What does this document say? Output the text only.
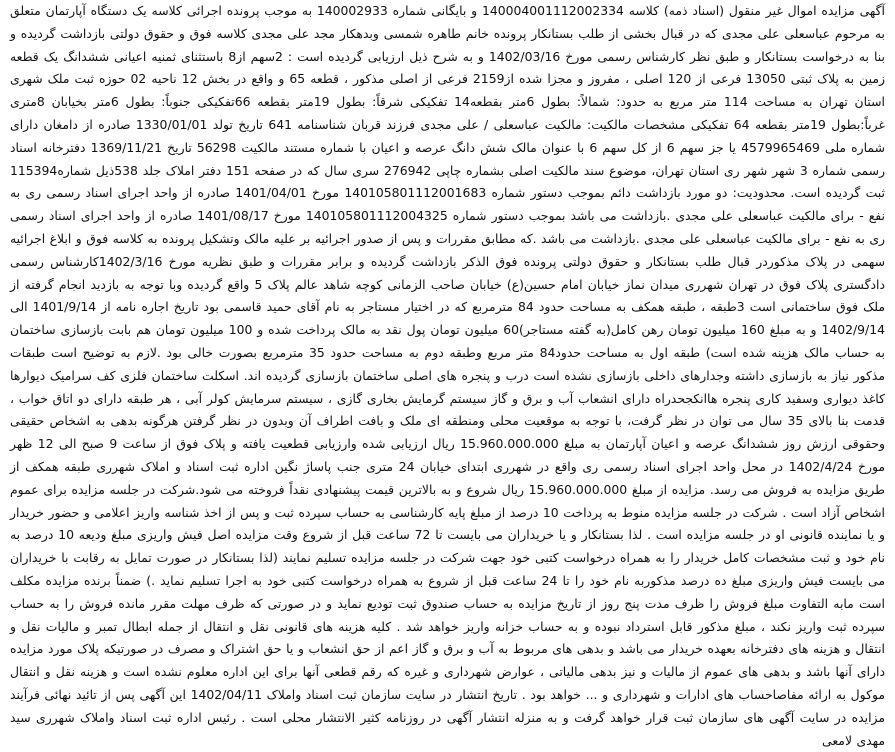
آگهی مزایده اموال غیر منقول (اسناد ذمه) کلاسه 140004001112002334 و بایگانی شماره 140002933 به موجب پرونده اجرائی کلاسه یک دستگاه آپارتمان متعلق به مرحوم عباسعلی علی مجدی که در قبال بخشی از طلب بستانکار پرونده خانم طاهره شمسی وبدهکار مجد علی مجدی کلاسه فوق و حقوق دولتی بازداشت گردیده و بنا به درخواست بستانکار و طبق نظر کارشناس رسمی مورخ 1402/03/16 و به شرح ذیل ارزیابی گردیده است : 2سهم از8 باستثنای ثمنیه اعیانی ششدانگ یک قطعه زمین به پلاک ثبتی 13050 فرعی از 120 اصلی ، مفروز و مجزا شده از2159 فرعی از اصلی مذکور ، قطعه 65 و واقع در بخش 12 ناحیه 02 حوزه ثبت ملک شهری استان تهران به مساحت 114 متر مربع به حدود: شمالاً: بطول 6متر بقطعه14 تفکیکی شرقاً: بطول 19متر بقطعه 66تفکیکی جنوباً: بطول 6متر بخیابان 8متری غرباً:بطول 19متر بقطعه 64 تفکیکی مشخصات مالکیت: مالکیت عباسعلی / علی مجدی فرزند قربان شناسنامه 641 تاریخ تولد 1330/01/01 صادره از دامغان دارای شماره ملی 4579965469 یا جز سهم 6 از کل سهم 6 با عنوان مالک شش دانگ عرصه و اعیان با شماره مستند مالکیت 56298 تاریخ 1369/11/21 دفترخانه اسناد رسمی شماره 3 شهر شهر ری استان تهران، موضوع سند مالکیت اصلی بشماره چاپی 276942 سری سال که در صفحه 151 دفتر املاک جلد 538ذیل شماره115394 ثبت گردیده است. محدودیت: دو مورد بازداشت دائم بموجب دستور شماره 140105801112001683 مورخ 1401/04/01 صادره از واحد اجرای اسناد رسمی ری به نفع - برای مالکیت عباسعلی علی مجدی .بازداشت می باشد بموجب دستور شماره 140105801112004325 مورخ 1401/08/17 صادره از واحد اجرای اسناد رسمی ری به نفع - برای مالکیت عباسعلی علی مجدی .بازداشت می باشد .که مطابق مقررات و پس از صدور اجرائیه بر علیه مالک وتشکیل پرونده به کلاسه فوق و ابلاغ اجرائیه سهمی در پلاک مذکوردر قبال طلب بستانکار و حقوق دولتی پرونده فوق الذکر بازداشت گردیده و برابر مقررات و طبق نظریه مورخ 1402/3/16کارشناس رسمی دادگستری پلاک فوق در تهران شهرری میدان نماز خیابان امام حسین(ع) خیابان صاحب الزمانی کوچه شاهد عالم پلاک 5 واقع گردیده وبا توجه به بازدید انجام گرفته از ملک فوق ساختمانی است 3طبقه ، طبقه همکف به مساحت حدود 84 مترمربع که در اختیار مستاجر به نام آقای حمید قاسمی بود تاریخ اجاره نامه از 1401/9/14 الی 1402/9/14 و به مبلغ 160 میلیون تومان رهن کامل(به گفته مستاجر)60 میلیون تومان پول نقد به مالک پرداخت شده و 100 میلیون تومان هم بابت بازسازی ساختمان به حساب مالک هزینه شده است) طبقه اول به مساحت حدود84 متر مربع وطبقه دوم به مساحت حدود 35 مترمربع بصورت خالی بود .لازم به توضیح است طبقات مذکور نیاز به بازسازی داشته وجدارهای داخلی بازسازی نشده است درب و پنجره های اصلی ساختمان بازسازی گردیده اند. اسکلت ساختمان فلزی کف سرامیک دیوارها کاغذ دیواری وسفید کاری پنجره هاانکجحدراه دارای انشعاب آب و برق و گاز سیستم گرمایش بخاری گازی ، سیستم سرمایش کولر آبی ، هر طبقه دارای دو اتاق خواب ، قدمت بنا بالای 35 سال می توان در نظر گرفت، با توجه به موقعیت محلی ومنطقه ای ملک و بافت اطراف آن وبدون در نظر گرفتن هرگونه بدهی به اشخاص حقیقی وحقوقی ارزش روز ششدانگ عرصه و اعیان آپارتمان به مبلغ 15.960.000.000 ریال ارزیابی شده وارزیابی قطعیت یافته و پلاک فوق از ساعت 9 صبح الی 12 ظهر مورخ 1402/4/24 در محل واحد اجرای اسناد رسمی ری واقع در شهرری ابتدای خیابان 24 متری جنب پاساژ نگین اداره ثبت اسناد و املاک شهرری طبقه همکف از طریق مزایده به فروش می رسد. مزایده از مبلغ 15.960.000.000 ریال شروع و به بالاترین قیمت پیشنهادی نقداً فروخته می شود.شرکت در جلسه مزایده برای عموم اشخاص آزاد است . شرکت در جلسه مزایده منوط به پرداخت 10 درصد از مبلغ پایه کارشناسی به حساب سپرده ثبت و پس از اخذ شناسه واریز اعلامی و حضور خریدار و یا نماینده قانونی او در جلسه مزایده است . لذا بستانکار و یا خریداران می بایست تا 72 ساعت قبل از شروع وقت مزایده اصل فیش واریزی مبلغ ودیعه 10 درصد به نام خود و ثبت مشخصات کامل خریدار را به همراه درخواست کتبی خود جهت شرکت در جلسه مزایده تسلیم نمایند (لذا بستانکار در صورت تمایل به رقابت با خریداران می بایست فیش واریزی مبلغ ده درصد مذکوربه نام خود را تا 24 ساعت قبل از شروع به همراه درخواست کتبی خود به اجرا تسلیم نماید .) ضمناً برنده مزایده مکلف است مابه التفاوت مبلغ فروش را ظرف مدت پنج روز از تاریخ مزایده به حساب صندوق ثبت تودیع نماید و در صورتی که ظرف مهلت مقرر مانده فروش را به حساب سپرده ثبت واریز نکند ، مبلغ مذکور قابل استرداد نبوده و به حساب خزانه واریز خواهد شد . کلیه هزینه های قانونی نقل و انتقال از جمله ابطال تمبر و مالیات نقل و انتقال و هزینه های دفترخانه بعهده خریدار می باشد و بدهی های مربوط به آب و برق و گاز اعم از حق انشعاب و یا حق اشتراک و مصرف در صورتیکه پلاک مورد مزایده دارای آنها باشد و بدهی های عموم از مالیات و نیز بدهی مالیاتی ، عوارض شهرداری و غیره که رقم قطعی آنها برای این اداره معلوم نشده است و هزینه نقل و انتقال موکول به ارائه مفاصاحساب های ادارات و شهرداری و ... خواهد بود . تاریخ انتشار در سایت سازمان ثبت اسناد واملاک 1402/04/11 این آگهی پس از تائید نهائی فرآیند مزایده در سایت آگهی های سازمان ثبت قرار خواهد گرفت و به منزله انتشار آگهی در روزنامه کثیر الانتشار محلی است . رئیس اداره ثبت اسناد واملاک شهرری سید مهدی لامعی
